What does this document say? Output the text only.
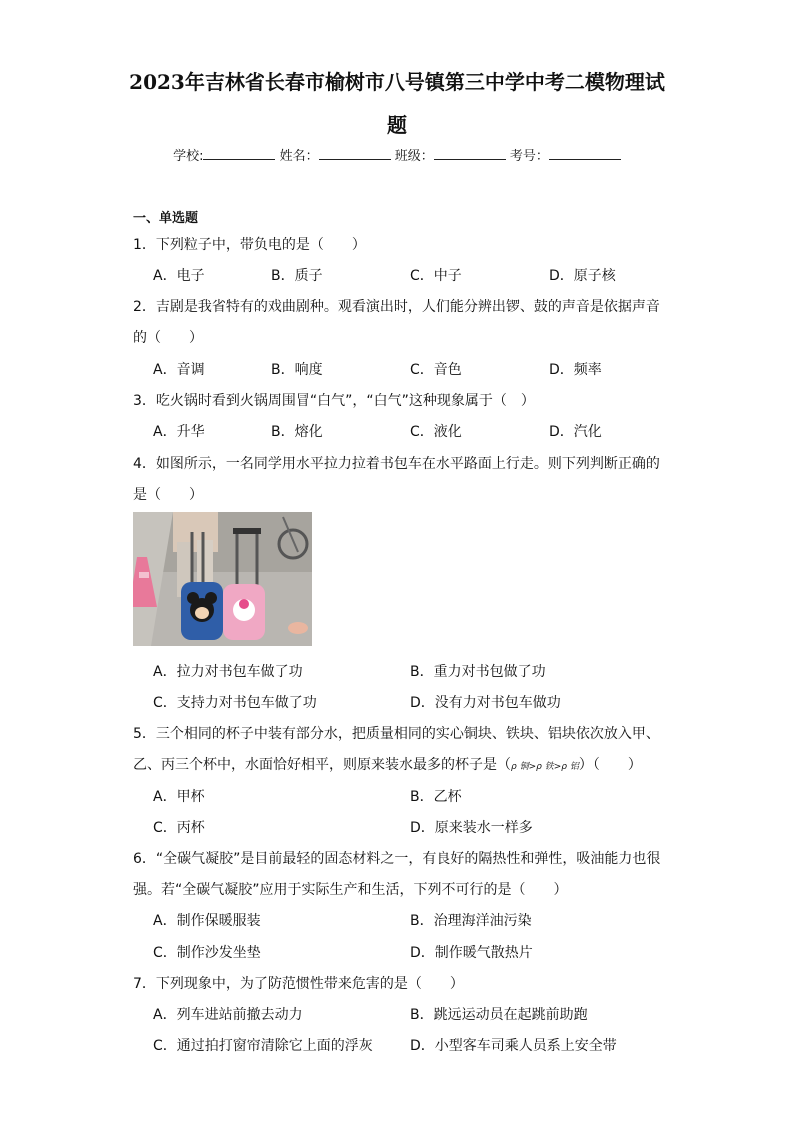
2023年吉林省长春市榆树市八号镇第三中学中考二模物理试
题
学校:	姓名：	班级：	考号：
一、单选题
1．下列粒子中，带负电的是（　　）
A．电子	B．质子	C．中子	D．原子核
2．吉剧是我省特有的戏曲剧种。观看演出时，人们能分辨出锣、鼓的声音是依据声音
的（　　）
A．音调	B．响度	C．音色	D．频率
3．吃火锅时看到火锅周围冒“白气”，“白气”这种现象属于（　）
A．升华	B．熔化	C．液化	D．汽化
4．如图所示，一名同学用水平拉力拉着书包车在水平路面上行走。则下列判断正确的
是（　　）
A．拉力对书包车做了功	B．重力对书包做了功
C．支持力对书包车做了功	D．没有力对书包车做功
5．三个相同的杯子中装有部分水，把质量相同的实心铜块、铁块、铝块依次放入甲、
乙、丙三个杯中，水面恰好相平，则原来装水最多的杯子是（ρ 铜>ρ 铁>ρ 铝）（　　）
A．甲杯	B．乙杯
C．丙杯	D．原来装水一样多
6．“全碳气凝胶”是目前最轻的固态材料之一，有良好的隔热性和弹性，吸油能力也很
强。若“全碳气凝胶”应用于实际生产和生活，下列不可行的是（　　）
A．制作保暖服装	B．治理海洋油污染
C．制作沙发坐垫	D．制作暖气散热片
7．下列现象中，为了防范惯性带来危害的是（　　）
A．列车进站前撤去动力	B．跳远运动员在起跳前助跑
C．通过拍打窗帘清除它上面的浮灰	D．小型客车司乘人员系上安全带
